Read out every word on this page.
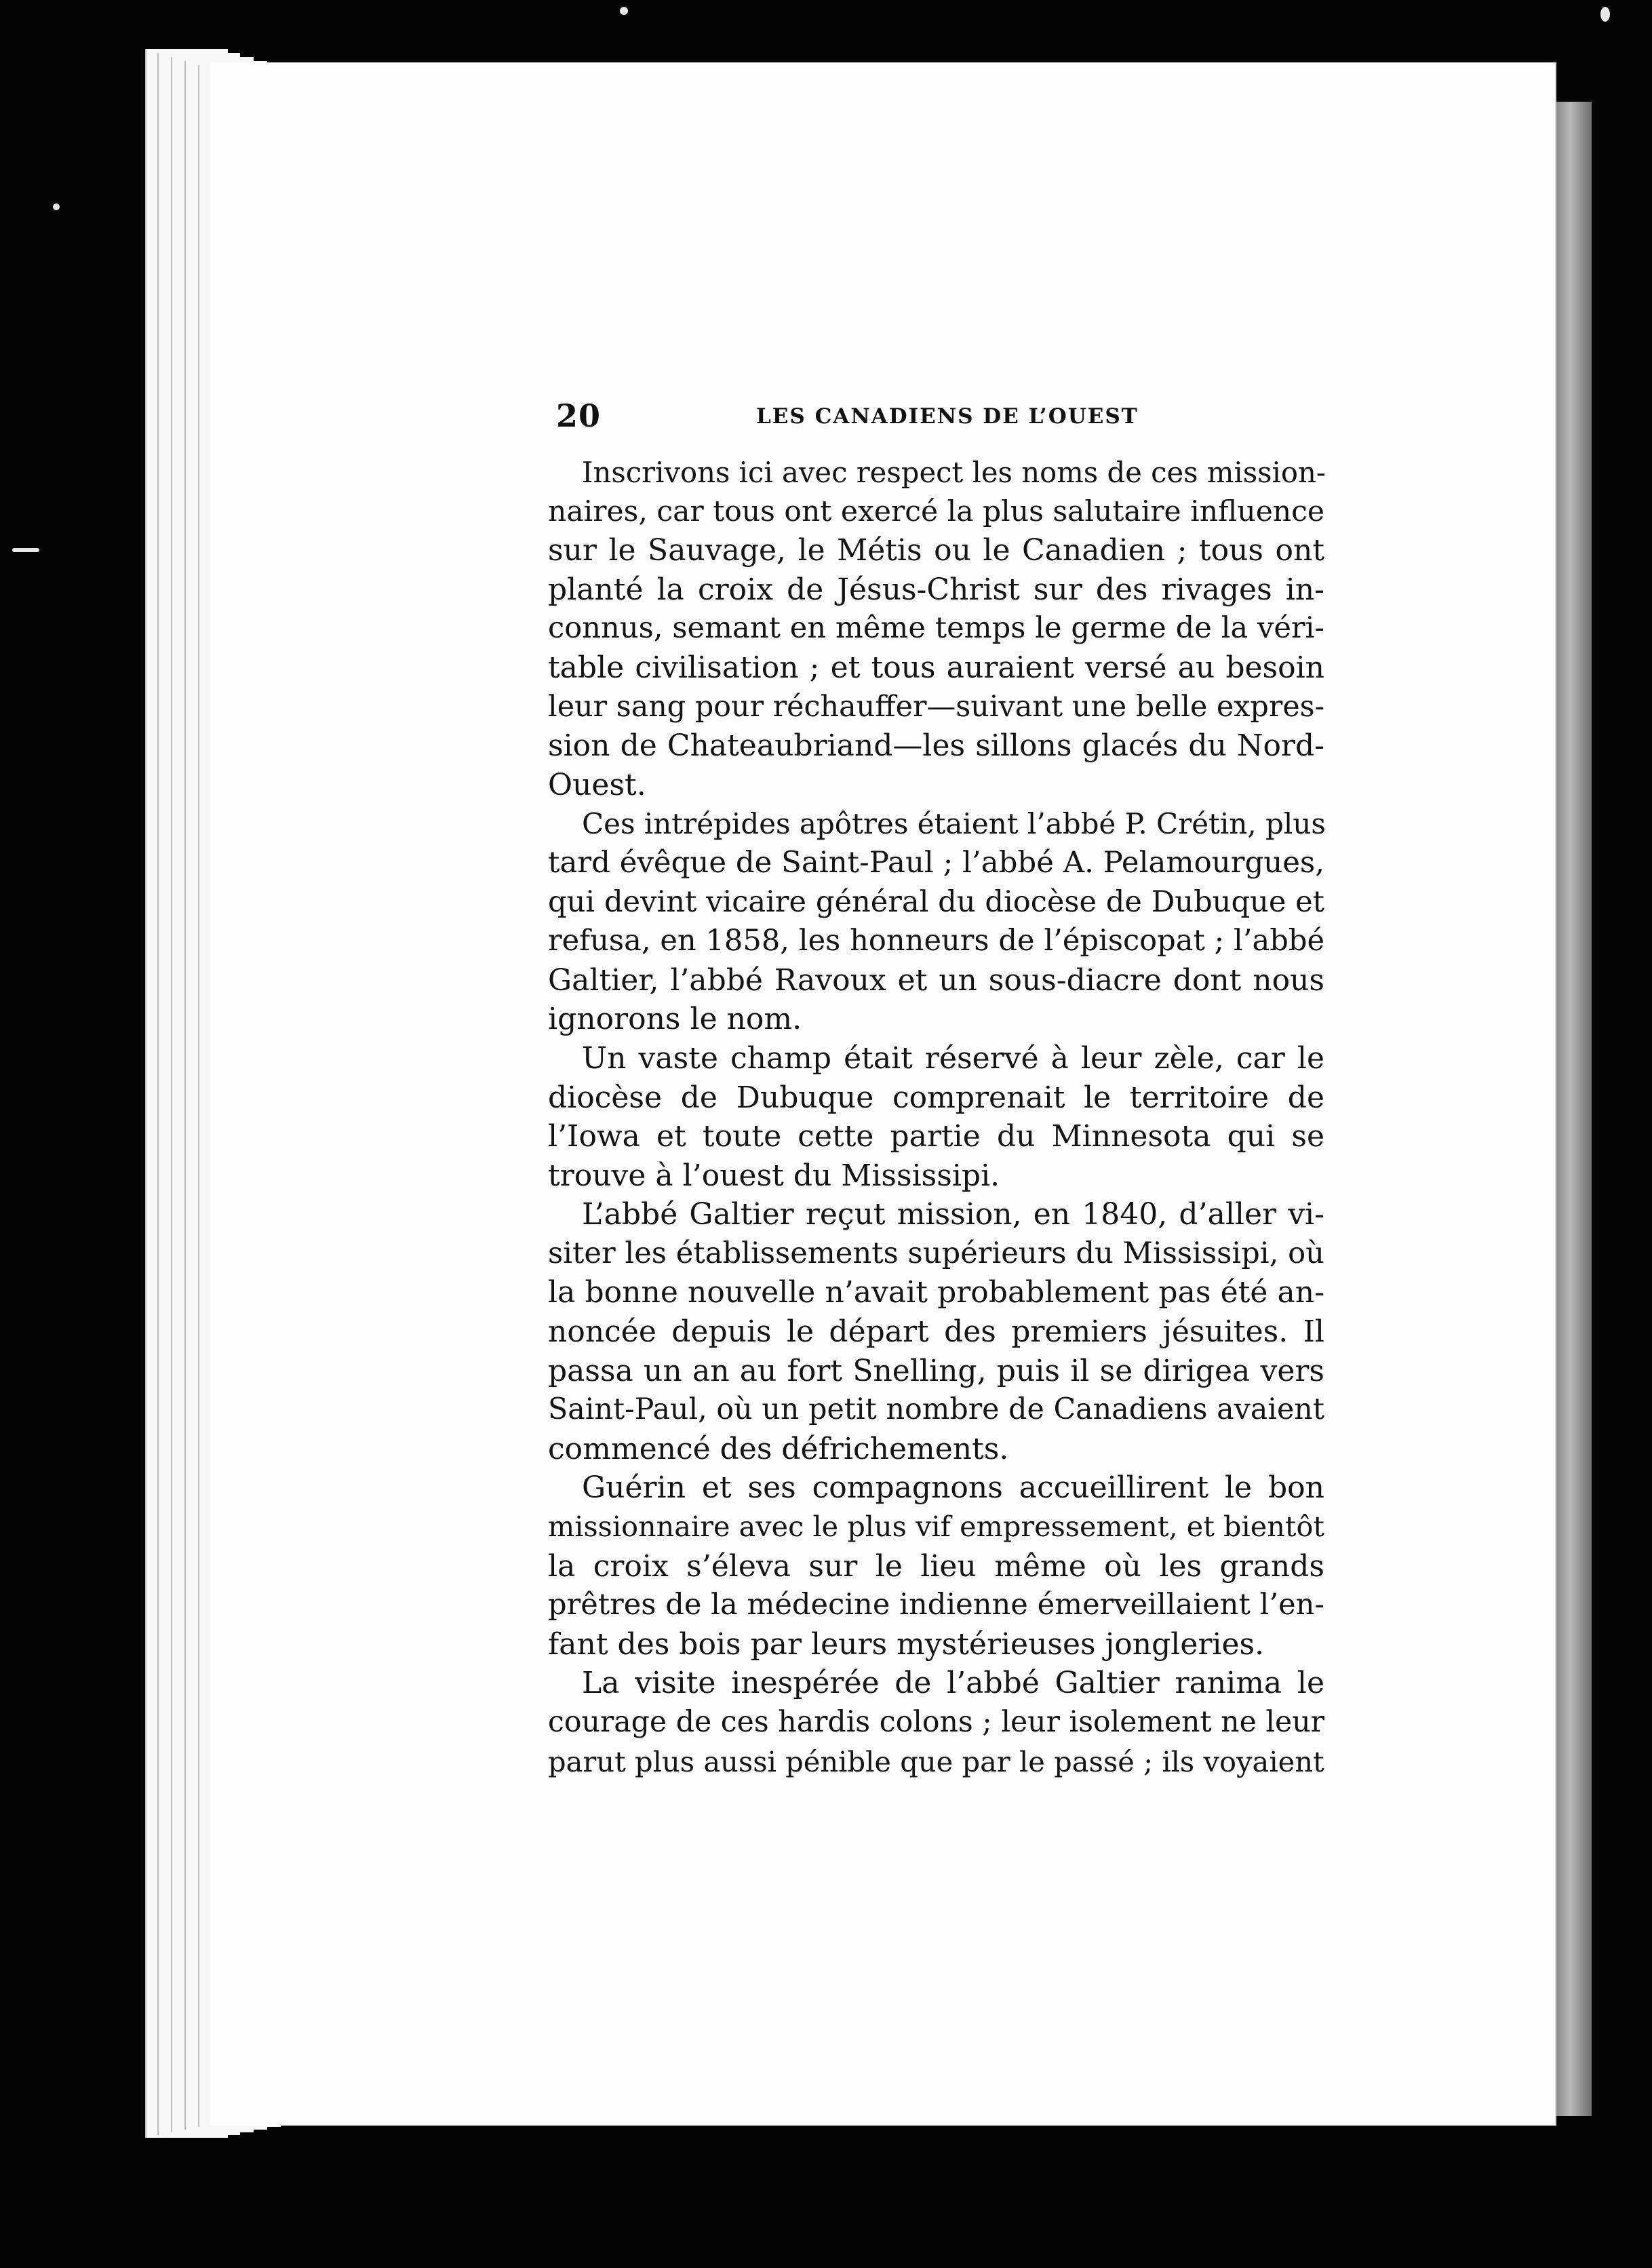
20	LES CANADIENS DE L’OUEST
Inscrivons ici avec respect les noms de ces mission-
naires, car tous ont exercé la plus salutaire influence
sur le Sauvage, le Métis ou le Canadien ; tous ont
planté la croix de Jésus-Christ sur des rivages in-
connus, semant en même temps le germe de la véri-
table civilisation ; et tous auraient versé au besoin
leur sang pour réchauffer—suivant une belle expres-
sion de Chateaubriand—les sillons glacés du Nord-
Ouest.
Ces intrépides apôtres étaient l’abbé P. Crétin, plus
tard évêque de Saint-Paul ; l’abbé A. Pelamourgues,
qui devint vicaire général du diocèse de Dubuque et
refusa, en 1858, les honneurs de l’épiscopat ; l’abbé
Galtier, l’abbé Ravoux et un sous-diacre dont nous
ignorons le nom.
Un vaste champ était réservé à leur zèle, car le
diocèse de Dubuque comprenait le territoire de
l’Iowa et toute cette partie du Minnesota qui se
trouve à l’ouest du Mississipi.
L’abbé Galtier reçut mission, en 1840, d’aller vi-
siter les établissements supérieurs du Mississipi, où
la bonne nouvelle n’avait probablement pas été an-
noncée depuis le départ des premiers jésuites. Il
passa un an au fort Snelling, puis il se dirigea vers
Saint-Paul, où un petit nombre de Canadiens avaient
commencé des défrichements.
Guérin et ses compagnons accueillirent le bon
missionnaire avec le plus vif empressement, et bientôt
la croix s’éleva sur le lieu même où les grands
prêtres de la médecine indienne émerveillaient l’en-
fant des bois par leurs mystérieuses jongleries.
La visite inespérée de l’abbé Galtier ranima le
courage de ces hardis colons ; leur isolement ne leur
parut plus aussi pénible que par le passé ; ils voyaient
